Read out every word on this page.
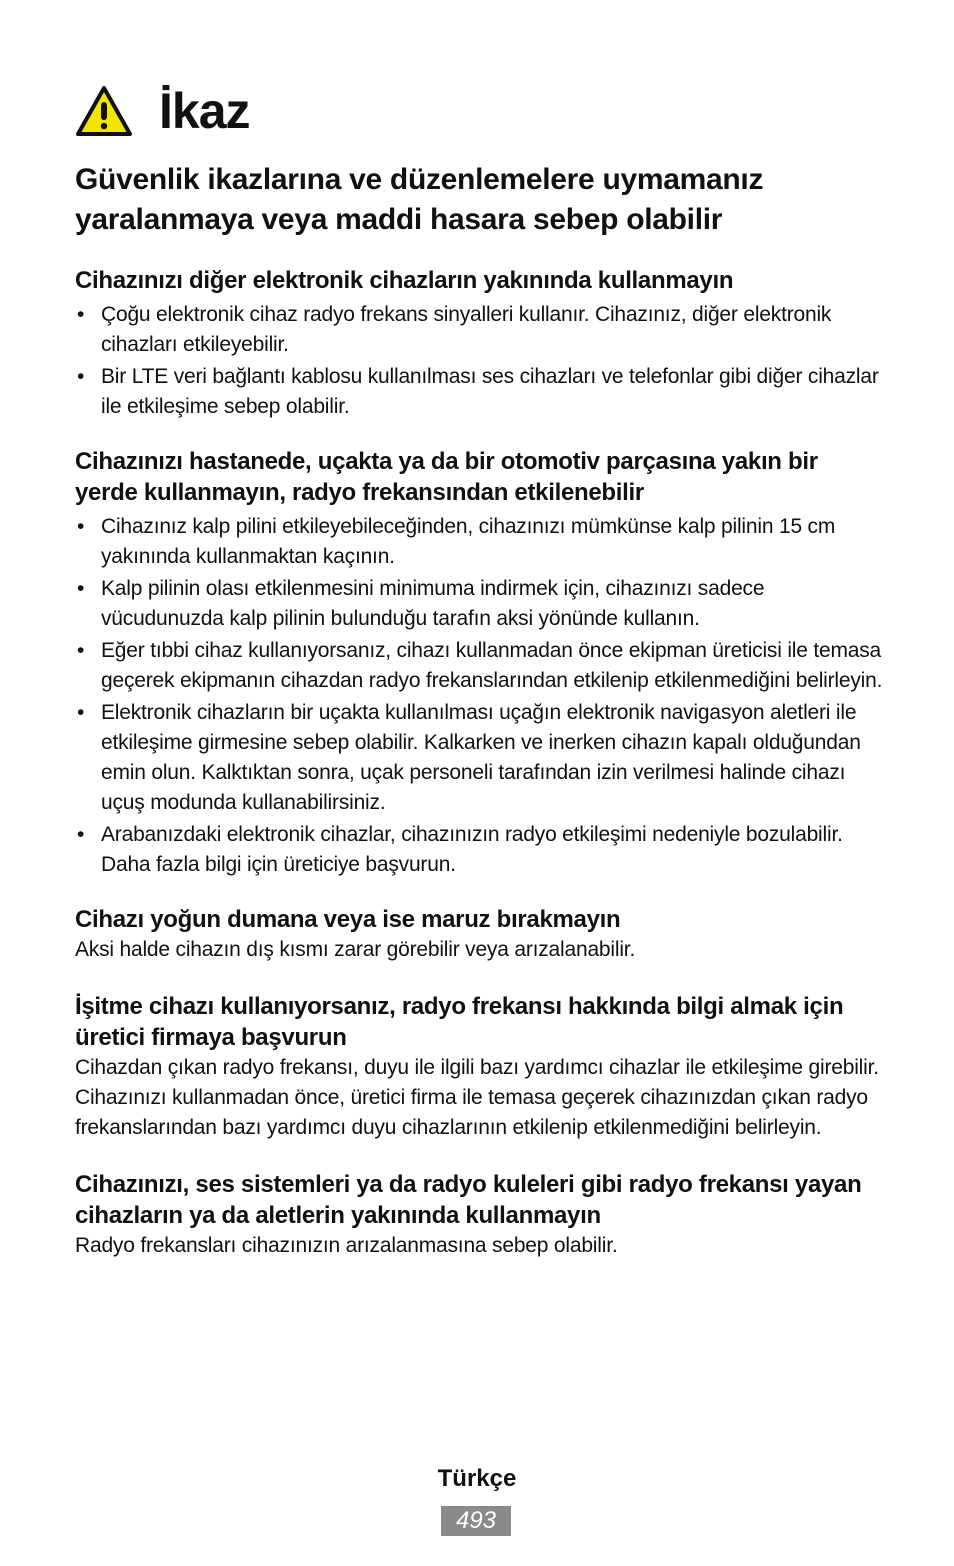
İkaz
Güvenlik ikazlarına ve düzenlemelere uymamanız yaralanmaya veya maddi hasara sebep olabilir
Cihazınızı diğer elektronik cihazların yakınında kullanmayın
• Çoğu elektronik cihaz radyo frekans sinyalleri kullanır. Cihazınız, diğer elektronik cihazları etkileyebilir.
• Bir LTE veri bağlantı kablosu kullanılması ses cihazları ve telefonlar gibi diğer cihazlar ile etkileşime sebep olabilir.
Cihazınızı hastanede, uçakta ya da bir otomotiv parçasına yakın bir yerde kullanmayın, radyo frekansından etkilenebilir
• Cihazınız kalp pilini etkileyebileceğinden, cihazınızı mümkünse kalp pilinin 15 cm yakınında kullanmaktan kaçının.
• Kalp pilinin olası etkilenmesini minimuma indirmek için, cihazınızı sadece vücudunuzda kalp pilinin bulunduğu tarafın aksi yönünde kullanın.
• Eğer tıbbi cihaz kullanıyorsanız, cihazı kullanmadan önce ekipman üreticisi ile temasa geçerek ekipmanın cihazdan radyo frekanslarından etkilenip etkilenmediğini belirleyin.
• Elektronik cihazların bir uçakta kullanılması uçağın elektronik navigasyon aletleri ile etkileşime girmesine sebep olabilir. Kalkarken ve inerken cihazın kapalı olduğundan emin olun. Kalktıktan sonra, uçak personeli tarafından izin verilmesi halinde cihazı uçuş modunda kullanabilirsiniz.
• Arabanızdaki elektronik cihazlar, cihazınızın radyo etkileşimi nedeniyle bozulabilir. Daha fazla bilgi için üreticiye başvurun.
Cihazı yoğun dumana veya ise maruz bırakmayın
Aksi halde cihazın dış kısmı zarar görebilir veya arızalanabilir.
İşitme cihazı kullanıyorsanız, radyo frekansı hakkında bilgi almak için üretici firmaya başvurun
Cihazdan çıkan radyo frekansı, duyu ile ilgili bazı yardımcı cihazlar ile etkileşime girebilir. Cihazınızı kullanmadan önce, üretici firma ile temasa geçerek cihazınızdan çıkan radyo frekanslarından bazı yardımcı duyu cihazlarının etkilenip etkilenmediğini belirleyin.
Cihazınızı, ses sistemleri ya da radyo kuleleri gibi radyo frekansı yayan cihazların ya da aletlerin yakınında kullanmayın
Radyo frekansları cihazınızın arızalanmasına sebep olabilir.
Türkçe
493
